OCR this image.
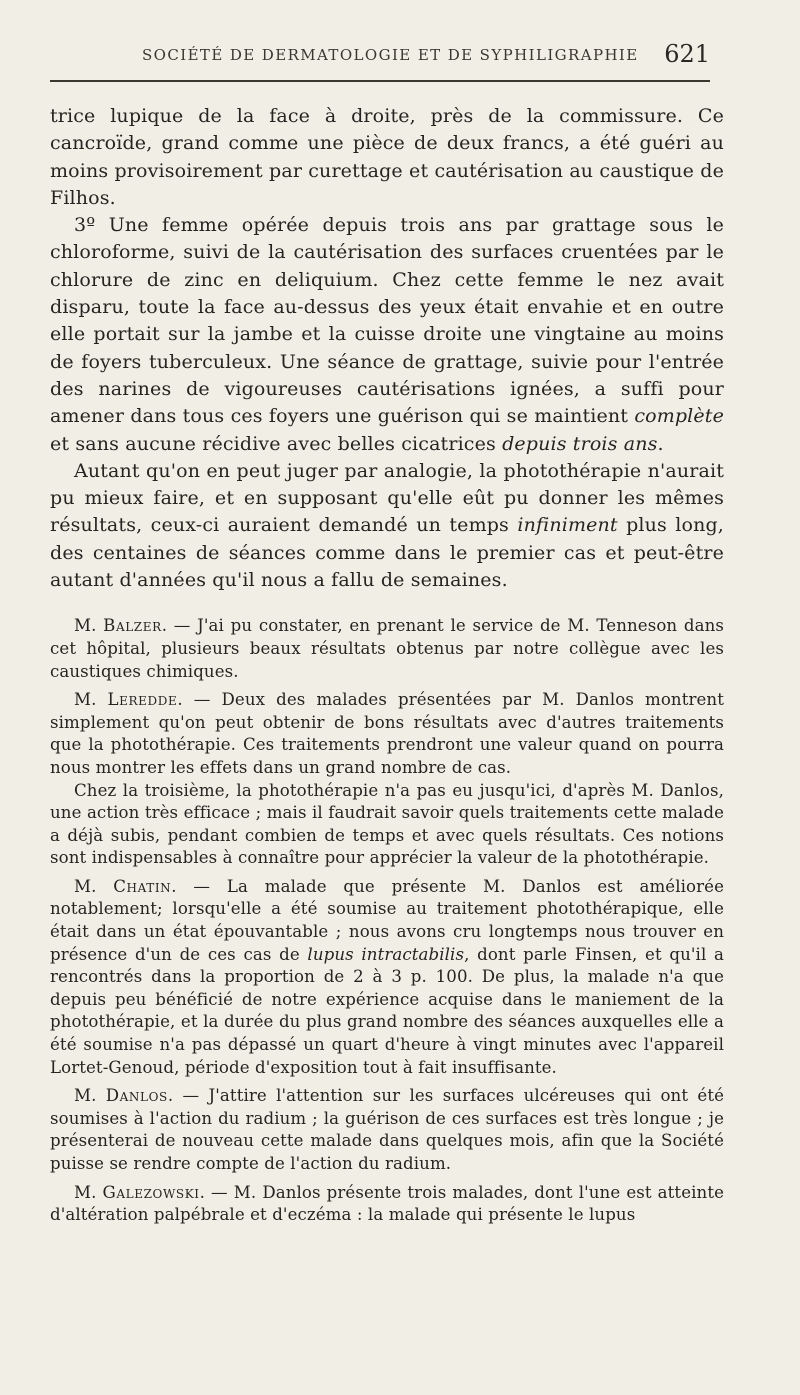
SOCIÉTÉ DE DERMATOLOGIE ET DE SYPHILIGRAPHIE 621

trice lupique de la face à droite, près de la commissure. Ce cancroïde, grand comme une pièce de deux francs, a été guéri au moins provisoirement par curettage et cautérisation au caustique de Filhos.

3º Une femme opérée depuis trois ans par grattage sous le chloroforme, suivi de la cautérisation des surfaces cruentées par le chlorure de zinc en deliquium. Chez cette femme le nez avait disparu, toute la face au-dessus des yeux était envahie et en outre elle portait sur la jambe et la cuisse droite une vingtaine au moins de foyers tuberculeux. Une séance de grattage, suivie pour l'entrée des narines de vigoureuses cautérisations ignées, a suffi pour amener dans tous ces foyers une guérison qui se maintient complète et sans aucune récidive avec belles cicatrices depuis trois ans.

Autant qu'on en peut juger par analogie, la photothérapie n'aurait pu mieux faire, et en supposant qu'elle eût pu donner les mêmes résultats, ceux-ci auraient demandé un temps infiniment plus long, des centaines de séances comme dans le premier cas et peut-être autant d'années qu'il nous a fallu de semaines.

M. Balzer. — J'ai pu constater, en prenant le service de M. Tenneson dans cet hôpital, plusieurs beaux résultats obtenus par notre collègue avec les caustiques chimiques.

M. Leredde. — Deux des malades présentées par M. Danlos montrent simplement qu'on peut obtenir de bons résultats avec d'autres traitements que la photothérapie. Ces traitements prendront une valeur quand on pourra nous montrer les effets dans un grand nombre de cas.

Chez la troisième, la photothérapie n'a pas eu jusqu'ici, d'après M. Danlos, une action très efficace ; mais il faudrait savoir quels traitements cette malade a déjà subis, pendant combien de temps et avec quels résultats. Ces notions sont indispensables à connaître pour apprécier la valeur de la photothérapie.

M. Chatin. — La malade que présente M. Danlos est améliorée notablement; lorsqu'elle a été soumise au traitement photothérapique, elle était dans un état épouvantable ; nous avons cru longtemps nous trouver en présence d'un de ces cas de lupus intractabilis, dont parle Finsen, et qu'il a rencontrés dans la proportion de 2 à 3 p. 100. De plus, la malade n'a que depuis peu bénéficié de notre expérience acquise dans le maniement de la photothérapie, et la durée du plus grand nombre des séances auxquelles elle a été soumise n'a pas dépassé un quart d'heure à vingt minutes avec l'appareil Lortet-Genoud, période d'exposition tout à fait insuffisante.

M. Danlos. — J'attire l'attention sur les surfaces ulcéreuses qui ont été soumises à l'action du radium ; la guérison de ces surfaces est très longue ; je présenterai de nouveau cette malade dans quelques mois, afin que la Société puisse se rendre compte de l'action du radium.

M. Galezowski. — M. Danlos présente trois malades, dont l'une est atteinte d'altération palpébrale et d'eczéma : la malade qui présente le lupus
